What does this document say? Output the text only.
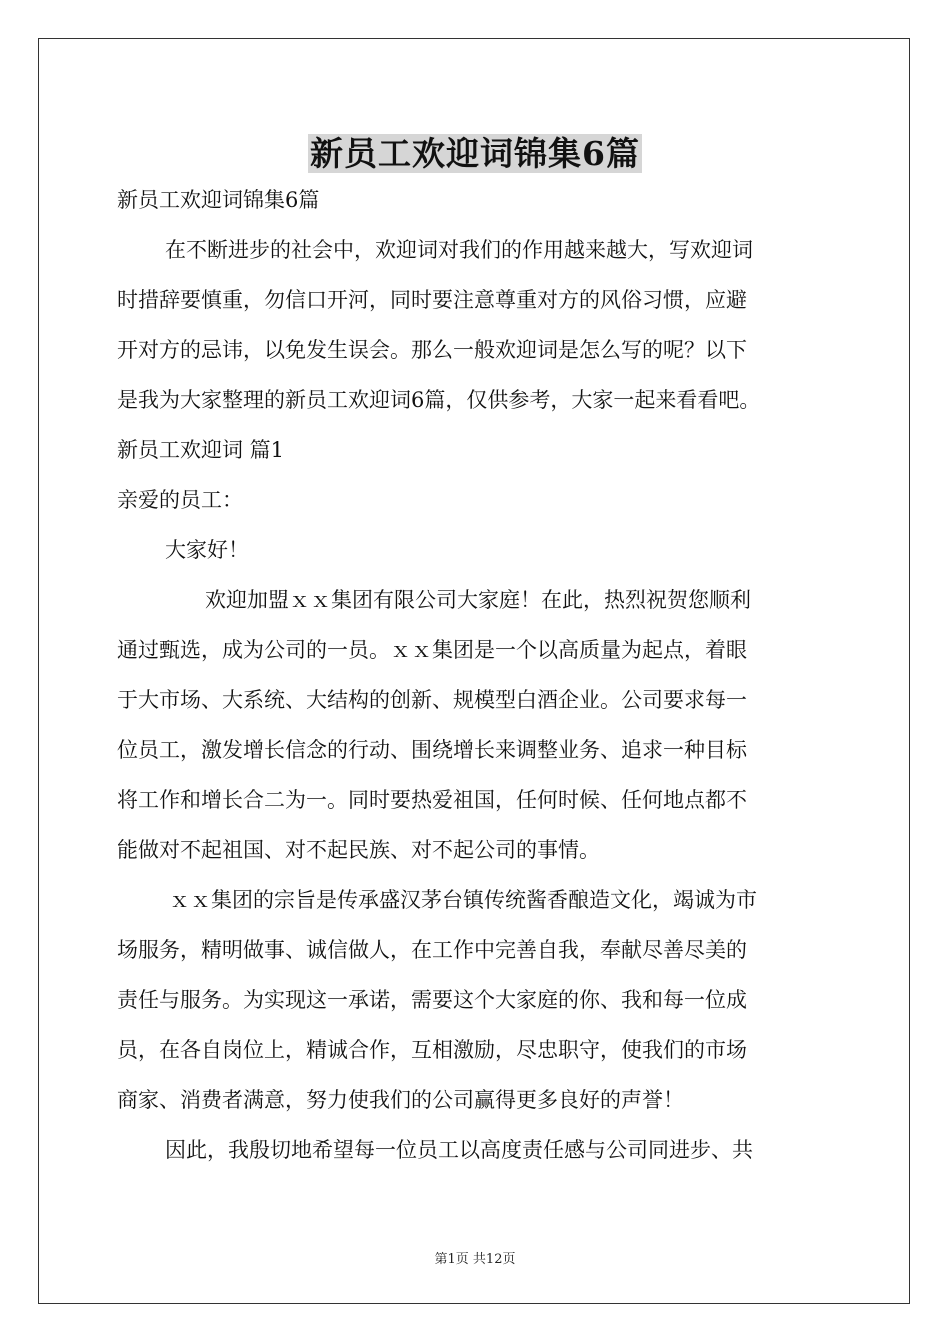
新员工欢迎词锦集6篇
新员工欢迎词锦集6篇
在不断进步的社会中，欢迎词对我们的作用越来越大，写欢迎词
时措辞要慎重，勿信口开河，同时要注意尊重对方的风俗习惯，应避
开对方的忌讳，以免发生误会。那么一般欢迎词是怎么写的呢？以下
是我为大家整理的新员工欢迎词6篇，仅供参考，大家一起来看看吧。
新员工欢迎词 篇1
亲爱的员工：
大家好！
欢迎加盟ｘｘ集团有限公司大家庭！在此，热烈祝贺您顺利
通过甄选，成为公司的一员。ｘｘ集团是一个以高质量为起点，着眼
于大市场、大系统、大结构的创新、规模型白酒企业。公司要求每一
位员工，激发增长信念的行动、围绕增长来调整业务、追求一种目标
将工作和增长合二为一。同时要热爱祖国，任何时候、任何地点都不
能做对不起祖国、对不起民族、对不起公司的事情。
ｘｘ集团的宗旨是传承盛汉茅台镇传统酱香酿造文化，竭诚为市
场服务，精明做事、诚信做人，在工作中完善自我，奉献尽善尽美的
责任与服务。为实现这一承诺，需要这个大家庭的你、我和每一位成
员，在各自岗位上，精诚合作，互相激励，尽忠职守，使我们的市场
商家、消费者满意，努力使我们的公司赢得更多良好的声誉！
因此，我殷切地希望每一位员工以高度责任感与公司同进步、共
第1页 共12页
